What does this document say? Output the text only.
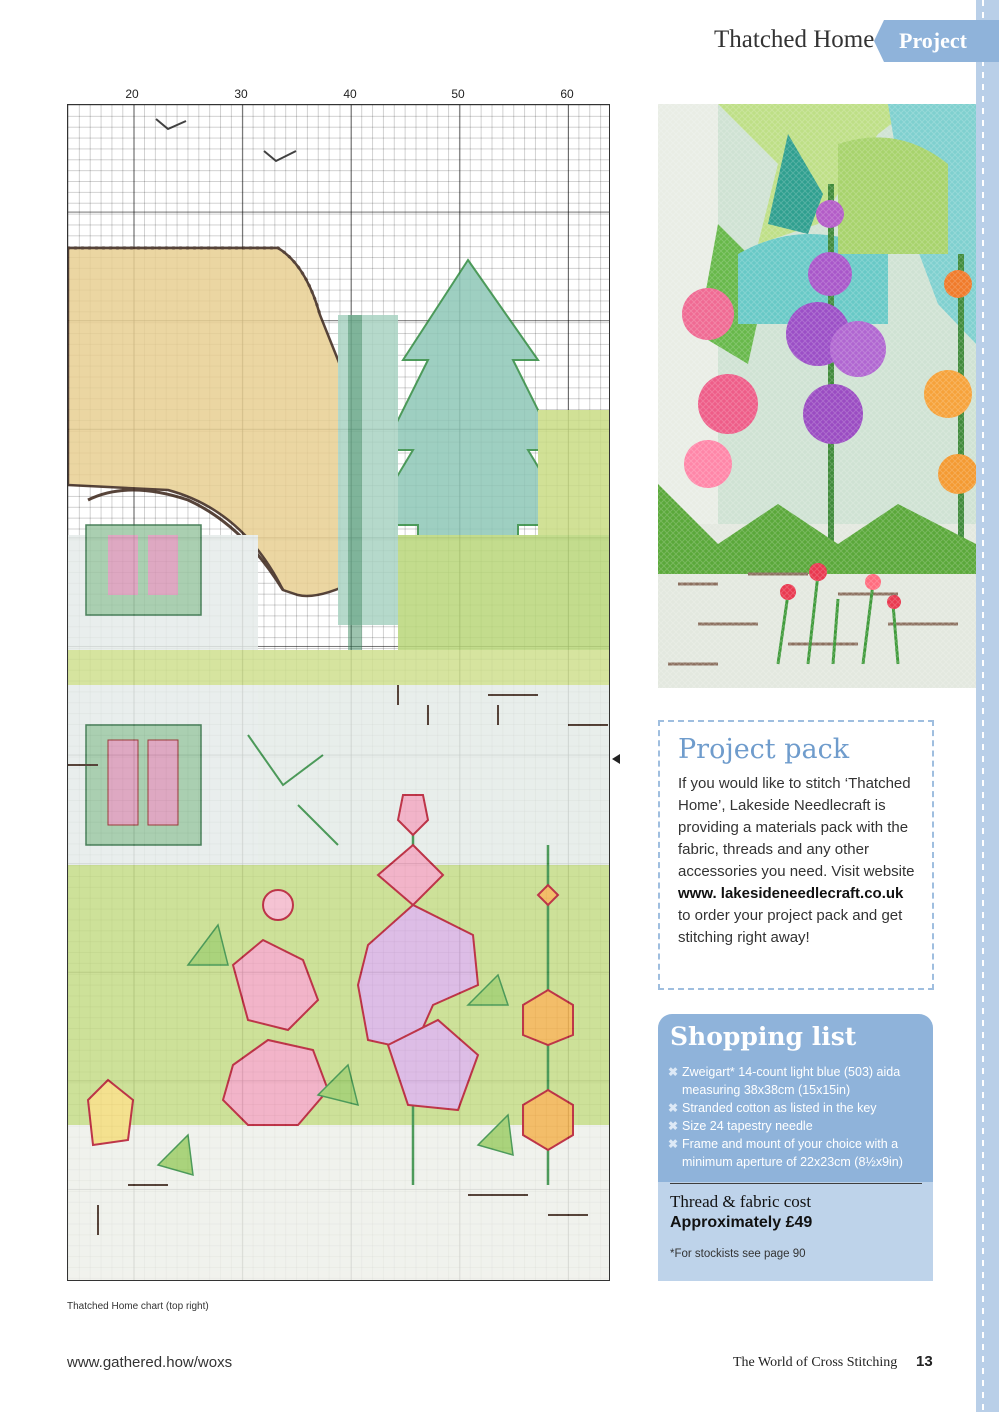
Thatched Home	Project
20	30	40	50	60
Thatched Home chart (top right)
Project pack
If you would like to stitch ‘Thatched Home’, Lakeside Needlecraft is providing a materials pack with the fabric, threads and any other accessories you need. Visit website www. lakesideneedlecraft.co.uk to order your project pack and get stitching right away!
Shopping list
✖ Zweigart* 14-count light blue (503) aida measuring 38x38cm (15x15in)
✖ Stranded cotton as listed in the key
✖ Size 24 tapestry needle
✖ Frame and mount of your choice with a minimum aperture of 22x23cm (8½x9in)
Thread & fabric cost
Approximately £49
*For stockists see page 90
www.gathered.how/woxs	The World of Cross Stitching 13
